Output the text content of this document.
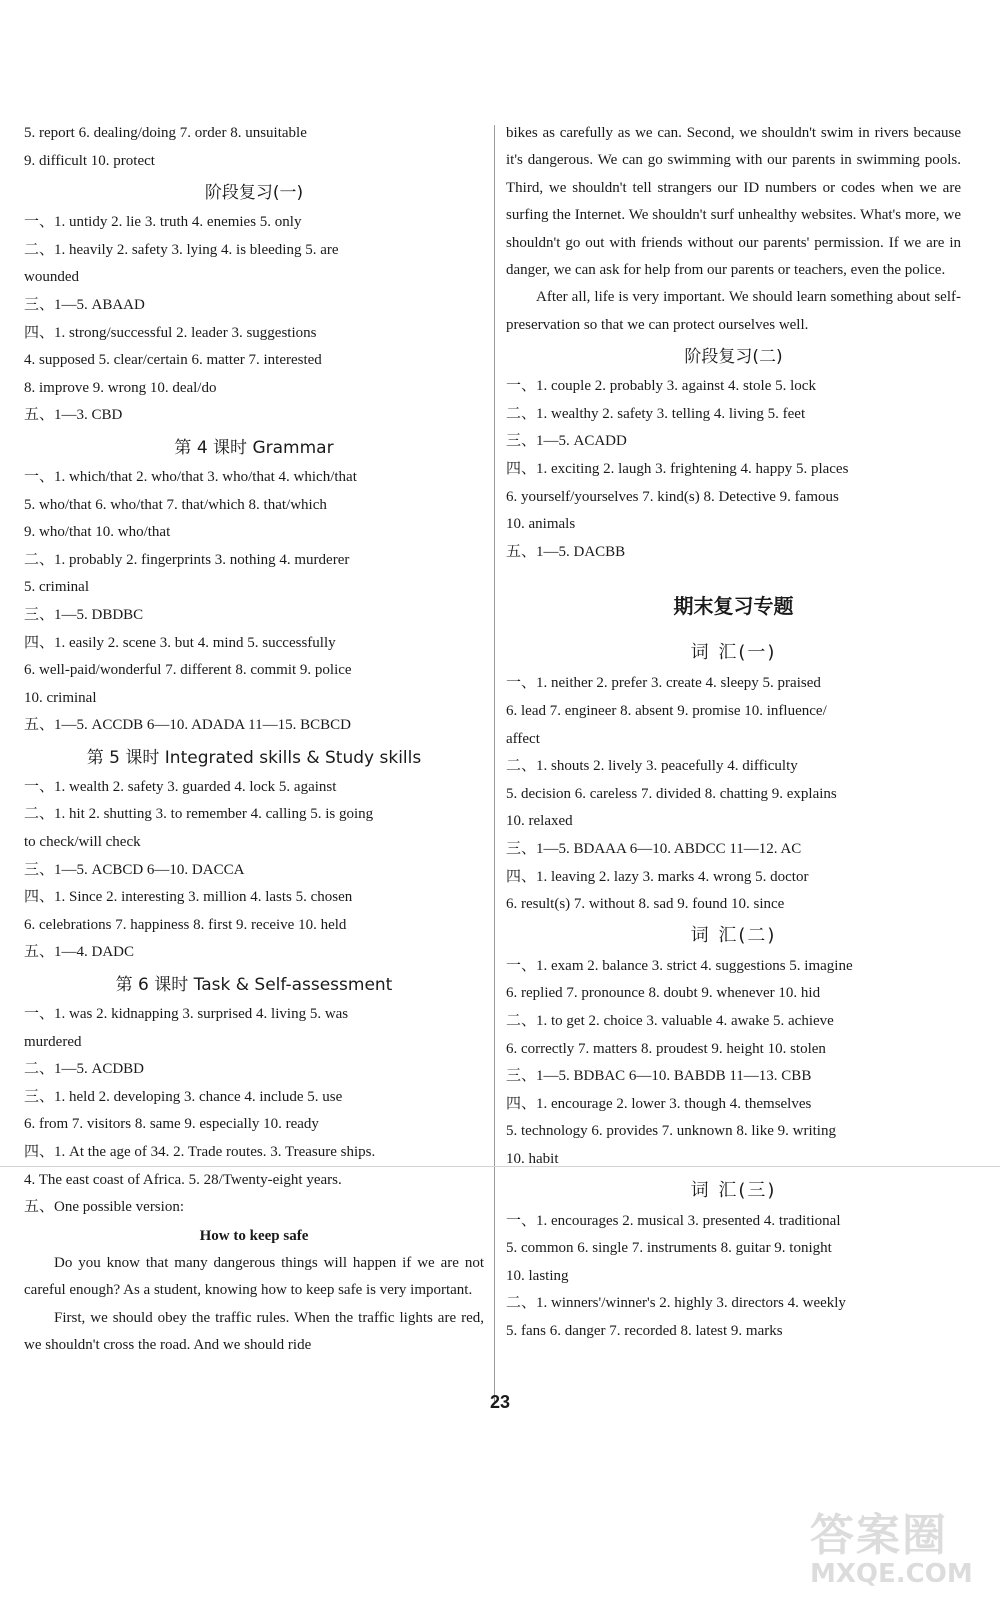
5. report 6. dealing/doing 7. order 8. unsuitable
9. difficult 10. protect
阶段复习(一)
一、1. untidy 2. lie 3. truth 4. enemies 5. only
二、1. heavily 2. safety 3. lying 4. is bleeding 5. are
wounded
三、1—5. ABAAD
四、1. strong/successful 2. leader 3. suggestions
4. supposed 5. clear/certain 6. matter 7. interested
8. improve 9. wrong 10. deal/do
五、1—3. CBD
第 4 课时 Grammar
一、1. which/that 2. who/that 3. who/that 4. which/that
5. who/that 6. who/that 7. that/which 8. that/which
9. who/that 10. who/that
二、1. probably 2. fingerprints 3. nothing 4. murderer
5. criminal
三、1—5. DBDBC
四、1. easily 2. scene 3. but 4. mind 5. successfully
6. well-paid/wonderful 7. different 8. commit 9. police
10. criminal
五、1—5. ACCDB 6—10. ADADA 11—15. BCBCD
第 5 课时 Integrated skills & Study skills
一、1. wealth 2. safety 3. guarded 4. lock 5. against
二、1. hit 2. shutting 3. to remember 4. calling 5. is going
to check/will check
三、1—5. ACBCD 6—10. DACCA
四、1. Since 2. interesting 3. million 4. lasts 5. chosen
6. celebrations 7. happiness 8. first 9. receive 10. held
五、1—4. DADC
第 6 课时 Task & Self-assessment
一、1. was 2. kidnapping 3. surprised 4. living 5. was
murdered
二、1—5. ACDBD
三、1. held 2. developing 3. chance 4. include 5. use
6. from 7. visitors 8. same 9. especially 10. ready
四、1. At the age of 34. 2. Trade routes. 3. Treasure ships.
4. The east coast of Africa. 5. 28/Twenty-eight years.
五、One possible version:
How to keep safe
Do you know that many dangerous things will happen if we are not careful enough? As a student, knowing how to keep safe is very important.
First, we should obey the traffic rules. When the traffic lights are red, we shouldn't cross the road. And we should ride
bikes as carefully as we can. Second, we shouldn't swim in rivers because it's dangerous. We can go swimming with our parents in swimming pools. Third, we shouldn't tell strangers our ID numbers or codes when we are surfing the Internet. We shouldn't surf unhealthy websites. What's more, we shouldn't go out with friends without our parents' permission. If we are in danger, we can ask for help from our parents or teachers, even the police.
After all, life is very important. We should learn something about self-preservation so that we can protect ourselves well.
阶段复习(二)
一、1. couple 2. probably 3. against 4. stole 5. lock
二、1. wealthy 2. safety 3. telling 4. living 5. feet
三、1—5. ACADD
四、1. exciting 2. laugh 3. frightening 4. happy 5. places
6. yourself/yourselves 7. kind(s) 8. Detective 9. famous
10. animals
五、1—5. DACBB
期末复习专题
词 汇(一)
一、1. neither 2. prefer 3. create 4. sleepy 5. praised
6. lead 7. engineer 8. absent 9. promise 10. influence/
affect
二、1. shouts 2. lively 3. peacefully 4. difficulty
5. decision 6. careless 7. divided 8. chatting 9. explains
10. relaxed
三、1—5. BDAAA 6—10. ABDCC 11—12. AC
四、1. leaving 2. lazy 3. marks 4. wrong 5. doctor
6. result(s) 7. without 8. sad 9. found 10. since
词 汇(二)
一、1. exam 2. balance 3. strict 4. suggestions 5. imagine
6. replied 7. pronounce 8. doubt 9. whenever 10. hid
二、1. to get 2. choice 3. valuable 4. awake 5. achieve
6. correctly 7. matters 8. proudest 9. height 10. stolen
三、1—5. BDBAC 6—10. BABDB 11—13. CBB
四、1. encourage 2. lower 3. though 4. themselves
5. technology 6. provides 7. unknown 8. like 9. writing
10. habit
词 汇(三)
一、1. encourages 2. musical 3. presented 4. traditional
5. common 6. single 7. instruments 8. guitar 9. tonight
10. lasting
二、1. winners'/winner's 2. highly 3. directors 4. weekly
5. fans 6. danger 7. recorded 8. latest 9. marks
23
答案圈
MXQE.COM
